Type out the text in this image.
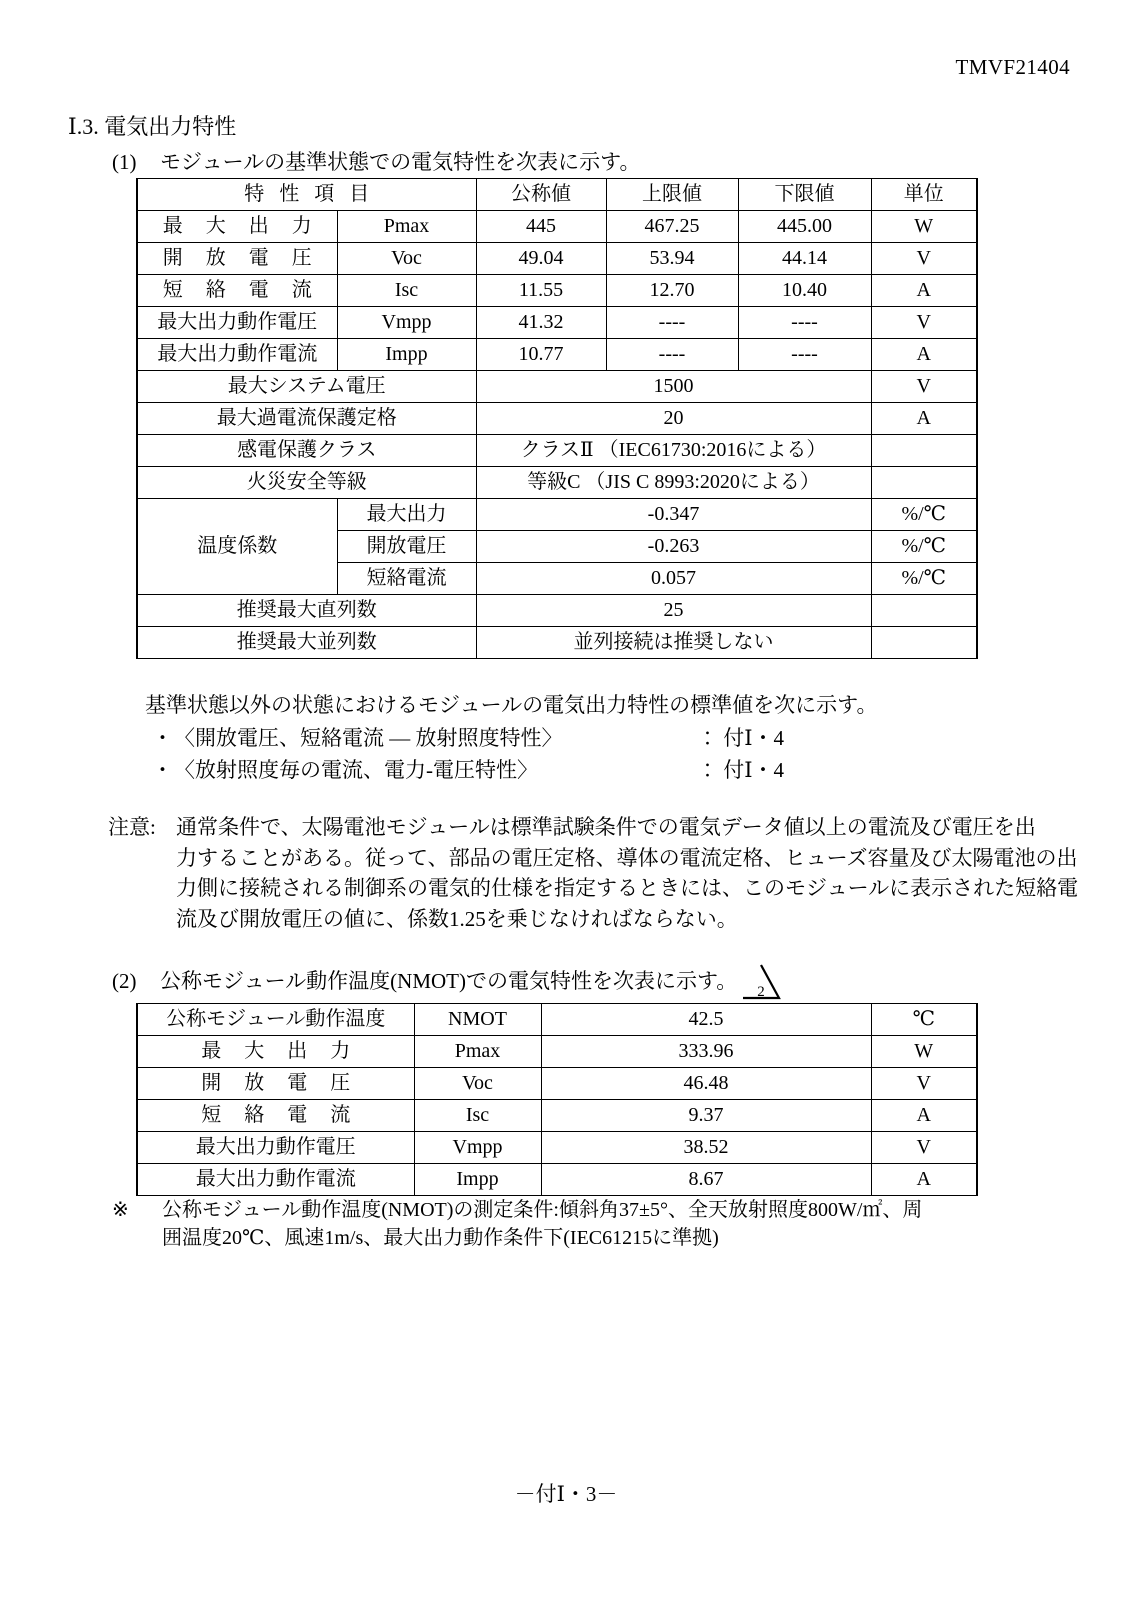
TMVF21404
Ⅰ.3. 電気出力特性
(1) モジュールの基準状態での電気特性を次表に示す。
特 性 項 目		公称値	上限値	下限値	単位
最 大 出 力	Pmax	445	467.25	445.00	W
開 放 電 圧	Voc	49.04	53.94	44.14	V
短 絡 電 流	Isc	11.55	12.70	10.40	A
最大出力動作電圧	Vmpp	41.32	----	----	V
最大出力動作電流	Impp	10.77	----	----	A
最大システム電圧		1500			V
最大過電流保護定格		20			A
感電保護クラス		クラスⅡ （IEC61730:2016による）			
火災安全等級		等級C （JIS C 8993:2020による）			
温度係数	最大出力	-0.347			%/℃
	開放電圧	-0.263			%/℃
	短絡電流	0.057			%/℃
推奨最大直列数		25			
推奨最大並列数		並列接続は推奨しない			
基準状態以外の状態におけるモジュールの電気出力特性の標準値を次に示す。
・〈開放電圧、短絡電流 ― 放射照度特性〉	： 付Ⅰ・4
・〈放射照度毎の電流、電力-電圧特性〉	： 付Ⅰ・4
注意: 通常条件で、太陽電池モジュールは標準試験条件での電気データ値以上の電流及び電圧を出
力することがある。従って、部品の電圧定格、導体の電流定格、ヒューズ容量及び太陽電池の出
力側に接続される制御系の電気的仕様を指定するときには、このモジュールに表示された短絡電
流及び開放電圧の値に、係数1.25を乗じなければならない。
(2) 公称モジュール動作温度(NMOT)での電気特性を次表に示す。 2
公称モジュール動作温度	NMOT	42.5	℃
最 大 出 力	Pmax	333.96	W
開 放 電 圧	Voc	46.48	V
短 絡 電 流	Isc	9.37	A
最大出力動作電圧	Vmpp	38.52	V
最大出力動作電流	Impp	8.67	A
※ 公称モジュール動作温度(NMOT)の測定条件:傾斜角37±5°、全天放射照度800W/㎡、周
囲温度20℃、風速1m/s、最大出力動作条件下(IEC61215に準拠)
－付Ⅰ・3－
